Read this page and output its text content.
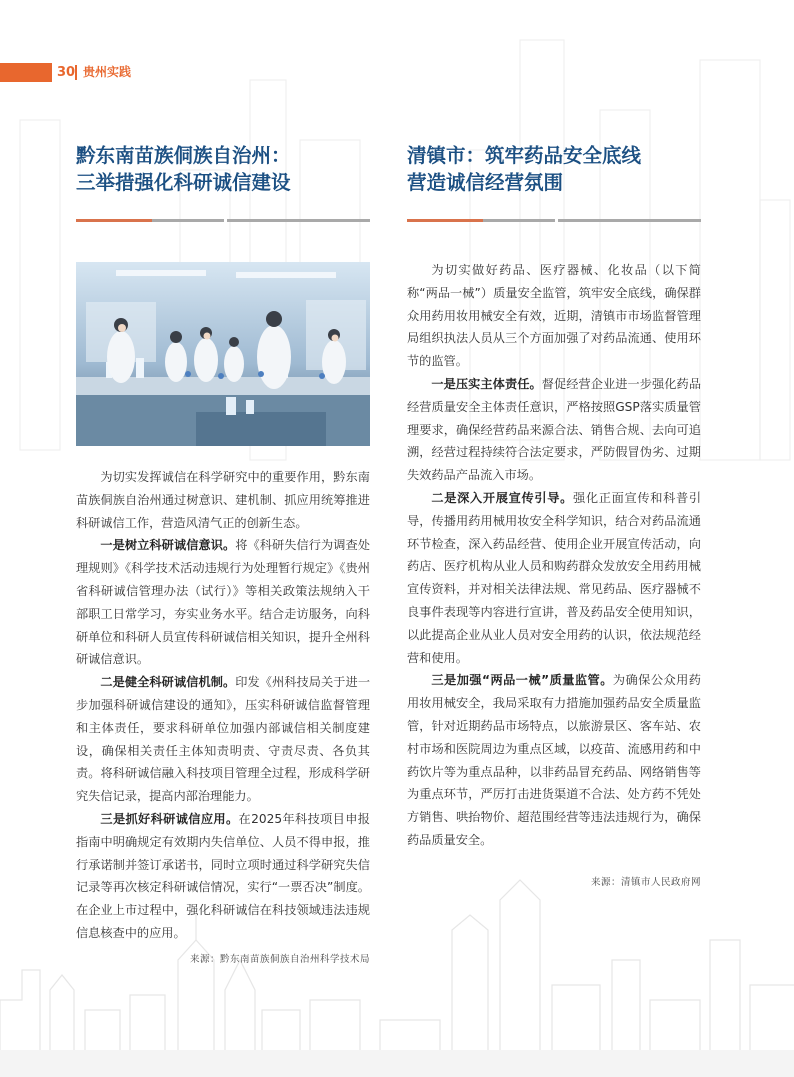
30 贵州实践
黔东南苗族侗族自治州：
三举措强化科研诚信建设

为切实发挥诚信在科学研究中的重要作用，黔东南苗族侗族自治州通过树意识、建机制、抓应用统筹推进科研诚信工作，营造风清气正的创新生态。

一是树立科研诚信意识。将《科研失信行为调查处理规则》《科学技术活动违规行为处理暂行规定》《贵州省科研诚信管理办法（试行）》等相关政策法规纳入干部职工日常学习，夯实业务水平。结合走访服务，向科研单位和科研人员宣传科研诚信相关知识，提升全州科研诚信意识。

二是健全科研诚信机制。印发《州科技局关于进一步加强科研诚信建设的通知》，压实科研诚信监督管理和主体责任，要求科研单位加强内部诚信相关制度建设，确保相关责任主体知责明责、守责尽责、各负其责。将科研诚信融入科技项目管理全过程，形成科学研究失信记录，提高内部治理能力。

三是抓好科研诚信应用。在2025年科技项目申报指南中明确规定有效期内失信单位、人员不得申报，推行承诺制并签订承诺书，同时立项时通过科学研究失信记录等再次核定科研诚信情况，实行“一票否决”制度。在企业上市过程中，强化科研诚信在科技领域违法违规信息核查中的应用。

来源：黔东南苗族侗族自治州科学技术局

清镇市：筑牢药品安全底线
营造诚信经营氛围

为切实做好药品、医疗器械、化妆品（以下简称“两品一械”）质量安全监管，筑牢安全底线，确保群众用药用妆用械安全有效，近期，清镇市市场监督管理局组织执法人员从三个方面加强了对药品流通、使用环节的监管。

一是压实主体责任。督促经营企业进一步强化药品经营质量安全主体责任意识，严格按照GSP落实质量管理要求，确保经营药品来源合法、销售合规、去向可追溯，经营过程持续符合法定要求，严防假冒伪劣、过期失效药品产品流入市场。

二是深入开展宣传引导。强化正面宣传和科普引导，传播用药用械用妆安全科学知识，结合对药品流通环节检查，深入药品经营、使用企业开展宣传活动，向药店、医疗机构从业人员和购药群众发放安全用药用械宣传资料，并对相关法律法规、常见药品、医疗器械不良事件表现等内容进行宣讲，普及药品安全使用知识，以此提高企业从业人员对安全用药的认识，依法规范经营和使用。

三是加强“两品一械”质量监管。为确保公众用药用妆用械安全，我局采取有力措施加强药品安全质量监管，针对近期药品市场特点，以旅游景区、客车站、农村市场和医院周边为重点区域，以疫苗、流感用药和中药饮片等为重点品种，以非药品冒充药品、网络销售等为重点环节，严厉打击进货渠道不合法、处方药不凭处方销售、哄抬物价、超范围经营等违法违规行为，确保药品质量安全。

来源：清镇市人民政府网
